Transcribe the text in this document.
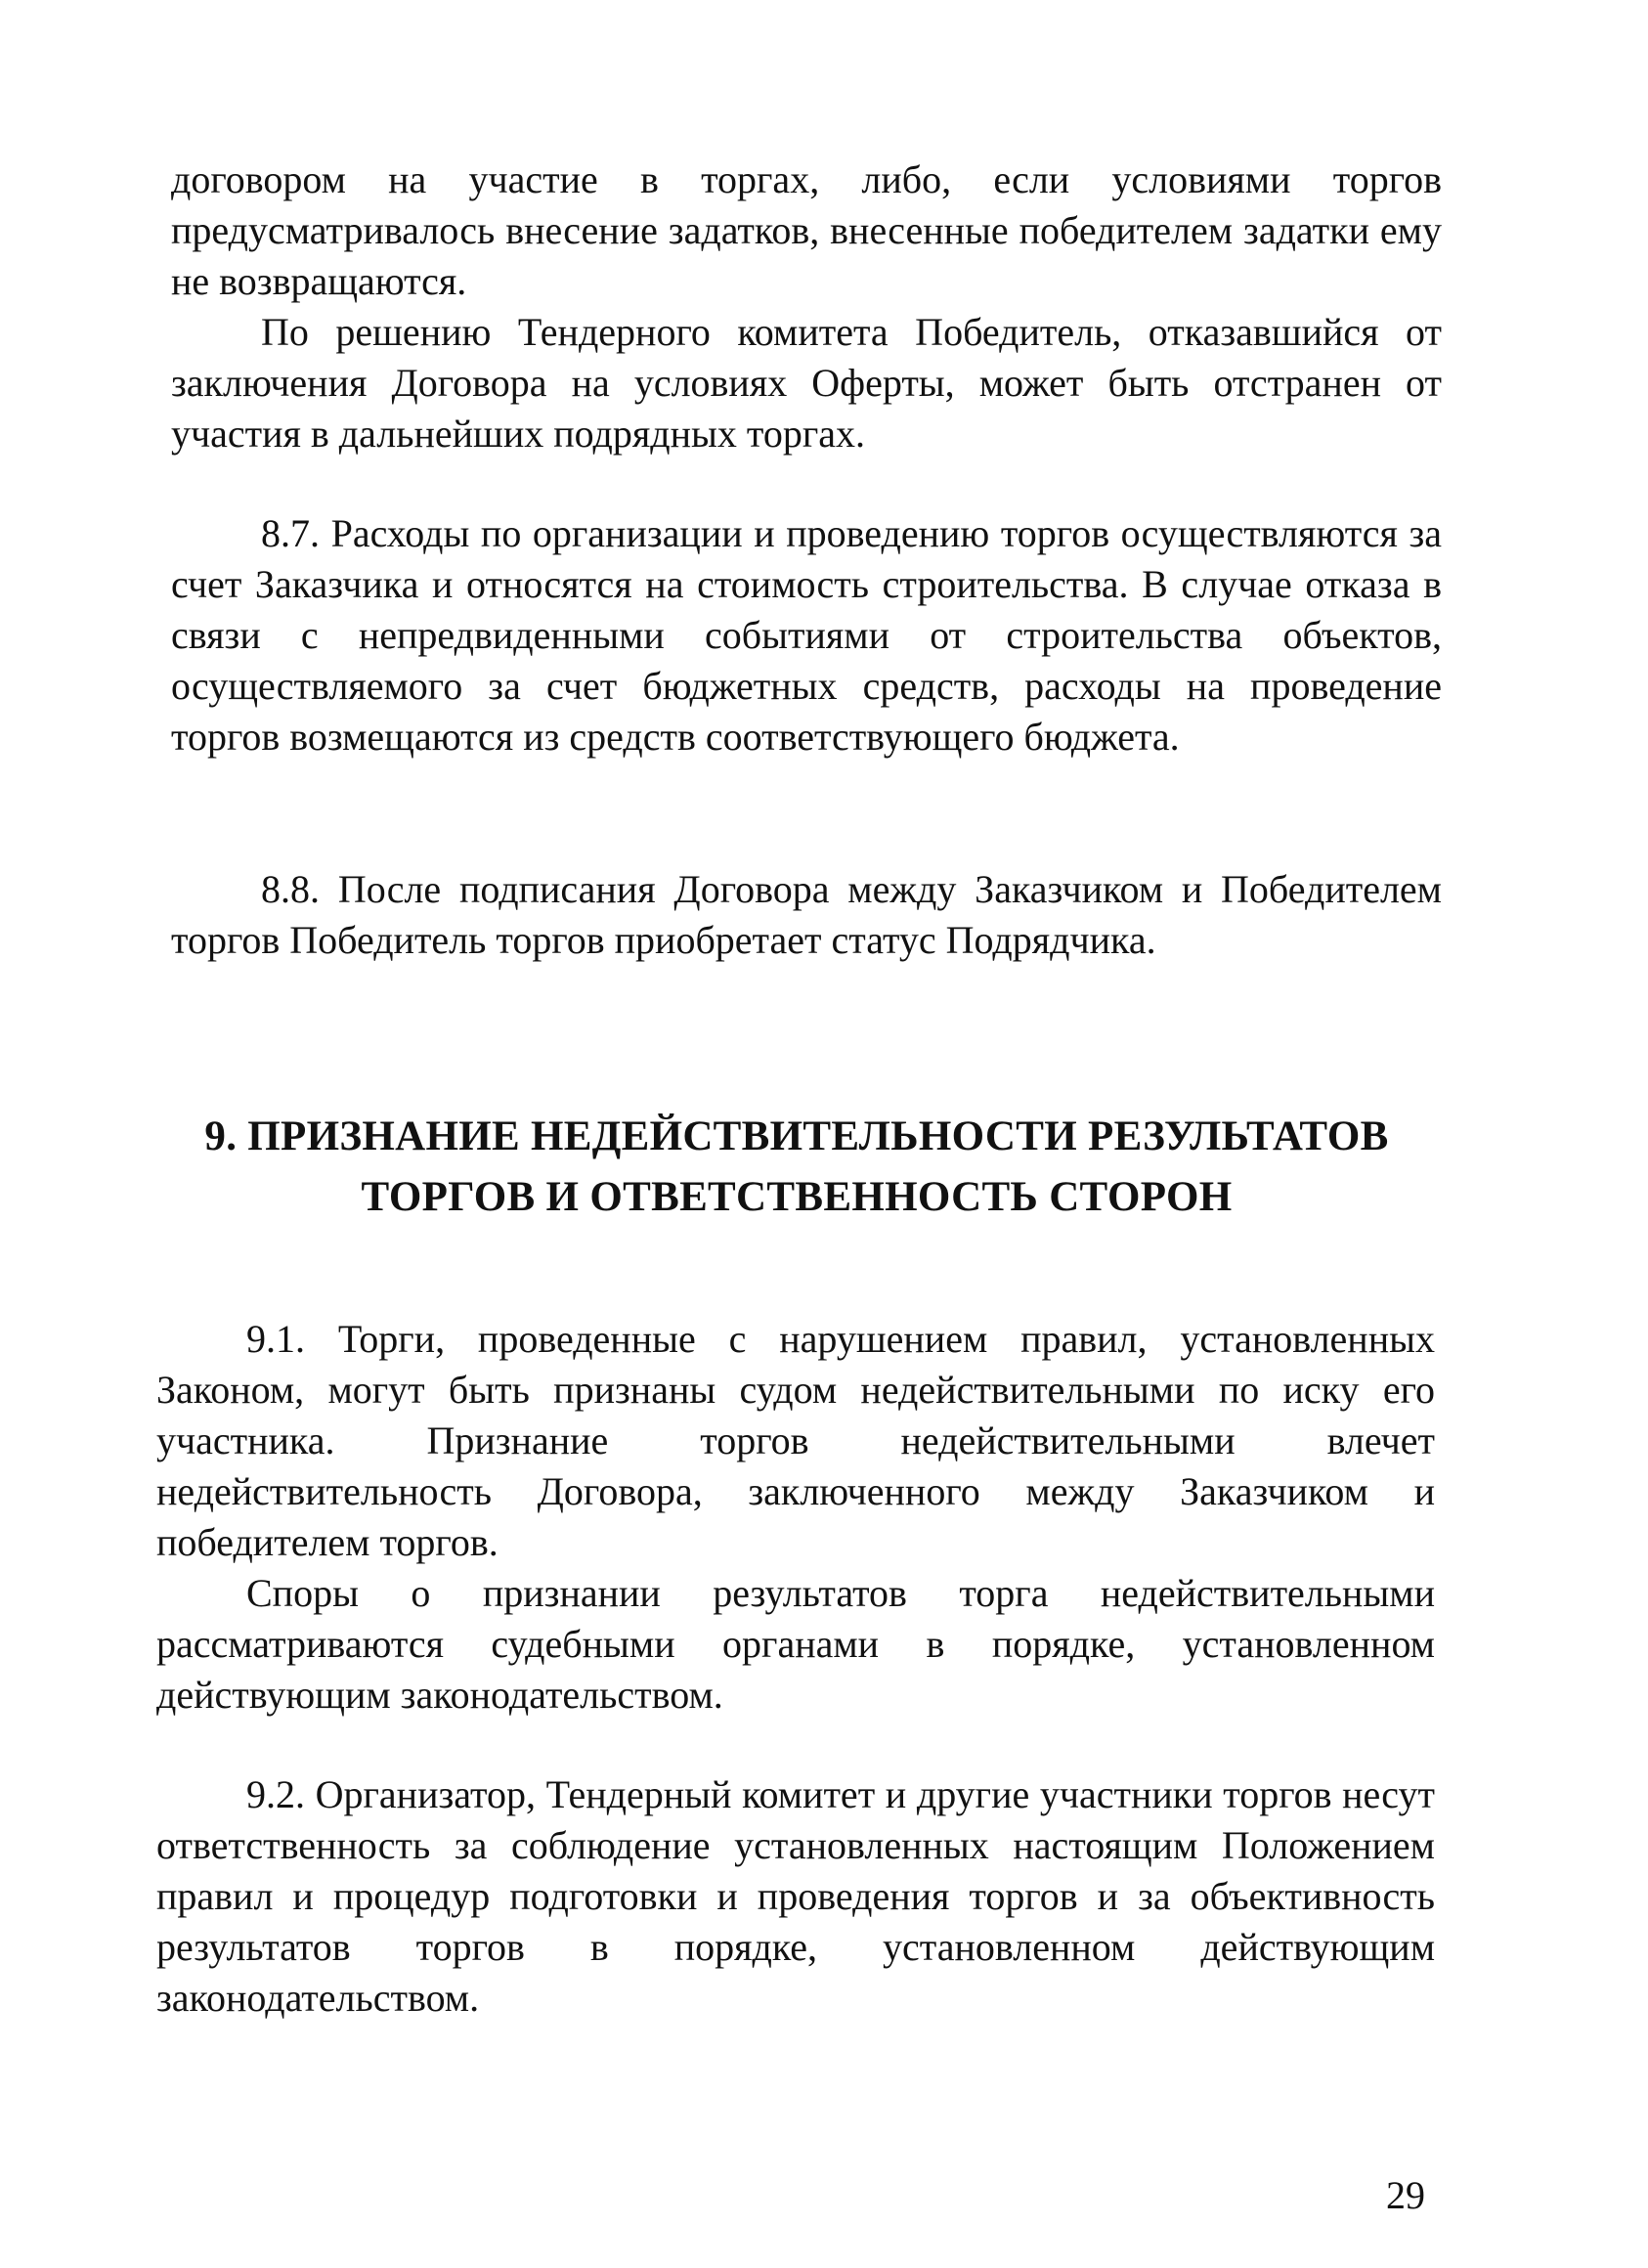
договором на участие в торгах, либо, если условиями торгов предусматривалось внесение задатков, внесенные победителем задатки ему не возвращаются.
По решению Тендерного комитета Победитель, отказавшийся от заключения Договора на условиях Оферты, может быть отстранен от участия в дальнейших подрядных торгах.
8.7. Расходы по организации и проведению торгов осуществляются за счет Заказчика и относятся на стоимость строительства. В случае отказа в связи с непредвиденными событиями от строительства объектов, осуществляемого за счет бюджетных средств, расходы на проведение торгов возмещаются из средств соответствующего бюджета.
8.8. После подписания Договора между Заказчиком и Победителем торгов Победитель торгов приобретает статус Подрядчика.
9. ПРИЗНАНИЕ НЕДЕЙСТВИТЕЛЬНОСТИ РЕЗУЛЬТАТОВ
ТОРГОВ И ОТВЕТСТВЕННОСТЬ СТОРОН
9.1. Торги, проведенные с нарушением правил, установленных Законом, могут быть признаны судом недействительными по иску его участника. Признание торгов недействительными влечет недействительность Договора, заключенного между Заказчиком и победителем торгов.
Споры о признании результатов торга недействительными рассматриваются судебными органами в порядке, установленном действующим законодательством.
9.2. Организатор, Тендерный комитет и другие участники торгов несут ответственность за соблюдение установленных настоящим Положением правил и процедур подготовки и проведения торгов и за объективность результатов торгов в порядке, установленном действующим законодательством.
29
